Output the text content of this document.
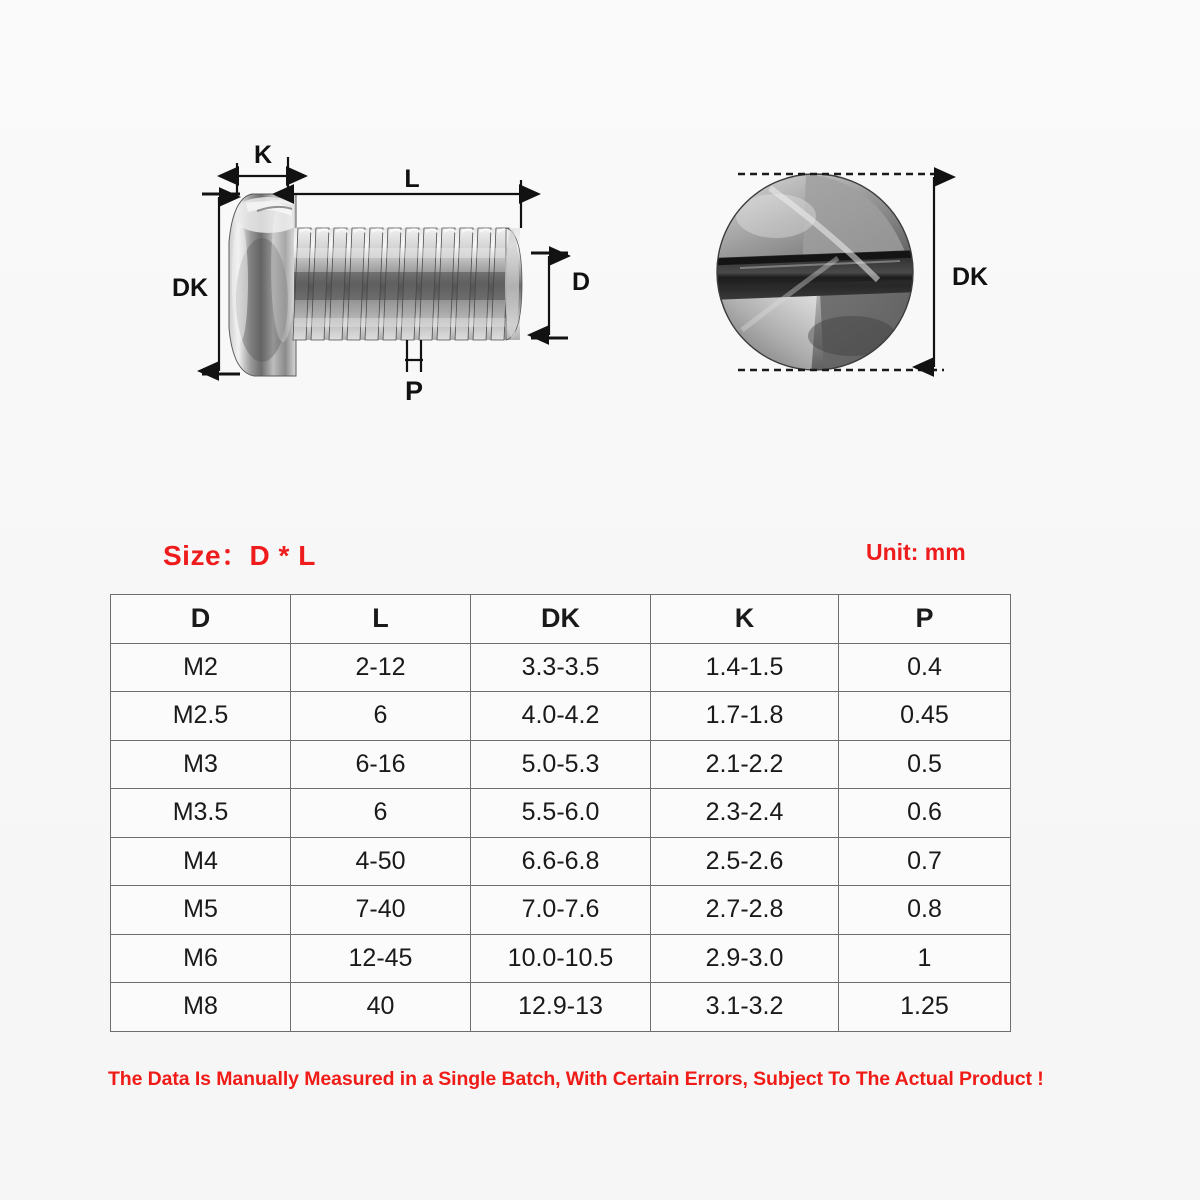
K
L
DK	D
P
DK
Size：D * L	Unit: mm
D	L	DK	K	P
M2	2-12	3.3-3.5	1.4-1.5	0.4
M2.5	6	4.0-4.2	1.7-1.8	0.45
M3	6-16	5.0-5.3	2.1-2.2	0.5
M3.5	6	5.5-6.0	2.3-2.4	0.6
M4	4-50	6.6-6.8	2.5-2.6	0.7
M5	7-40	7.0-7.6	2.7-2.8	0.8
M6	12-45	10.0-10.5	2.9-3.0	1
M8	40	12.9-13	3.1-3.2	1.25
The Data Is Manually Measured in a Single Batch, With Certain Errors, Subject To The Actual Product !
